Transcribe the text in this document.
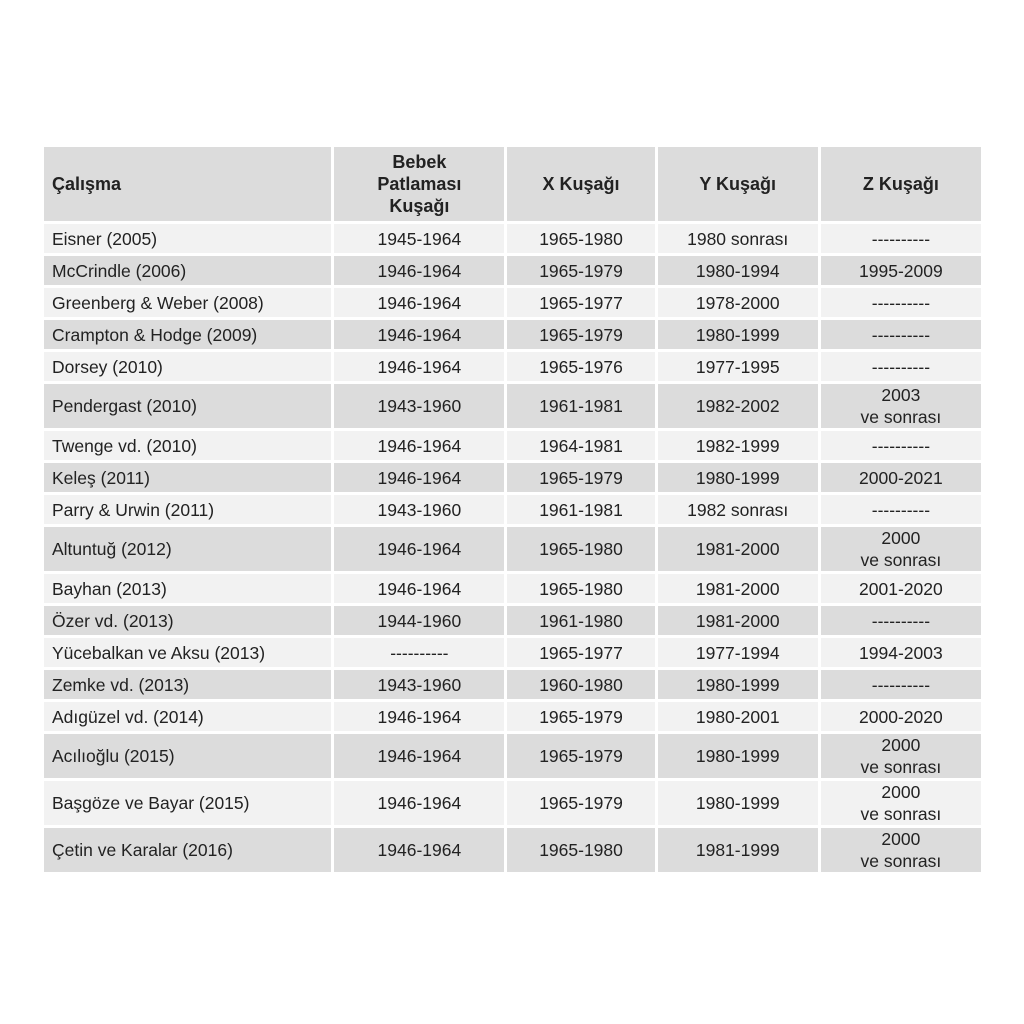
Çalışma	Bebek
Patlaması
Kuşağı	X Kuşağı	Y Kuşağı	Z Kuşağı
Eisner (2005)	1945-1964	1965-1980	1980 sonrası	----------

McCrindle (2006)	1946-1964	1965-1979	1980-1994	1995-2009

Greenberg & Weber (2008)	1946-1964	1965-1977	1978-2000	----------

Crampton & Hodge (2009)	1946-1964	1965-1979	1980-1999	----------

Dorsey (2010)	1946-1964	1965-1976	1977-1995	----------

Pendergast (2010)	1943-1960	1961-1981	1982-2002	2003
ve sonrası

Twenge vd. (2010)	1946-1964	1964-1981	1982-1999	----------

Keleş (2011)	1946-1964	1965-1979	1980-1999	2000-2021

Parry & Urwin (2011)	1943-1960	1961-1981	1982 sonrası	----------

Altuntuğ (2012)	1946-1964	1965-1980	1981-2000	2000
ve sonrası

Bayhan (2013)	1946-1964	1965-1980	1981-2000	2001-2020

Özer vd. (2013)	1944-1960	1961-1980	1981-2000	----------

Yücebalkan ve Aksu (2013)	----------	1965-1977	1977-1994	1994-2003

Zemke vd. (2013)	1943-1960	1960-1980	1980-1999	----------

Adıgüzel vd. (2014)	1946-1964	1965-1979	1980-2001	2000-2020

Acılıoğlu (2015)	1946-1964	1965-1979	1980-1999	2000
ve sonrası

Başgöze ve Bayar (2015)	1946-1964	1965-1979	1980-1999	2000
ve sonrası

Çetin ve Karalar (2016)	1946-1964	1965-1980	1981-1999	2000
ve sonrası
